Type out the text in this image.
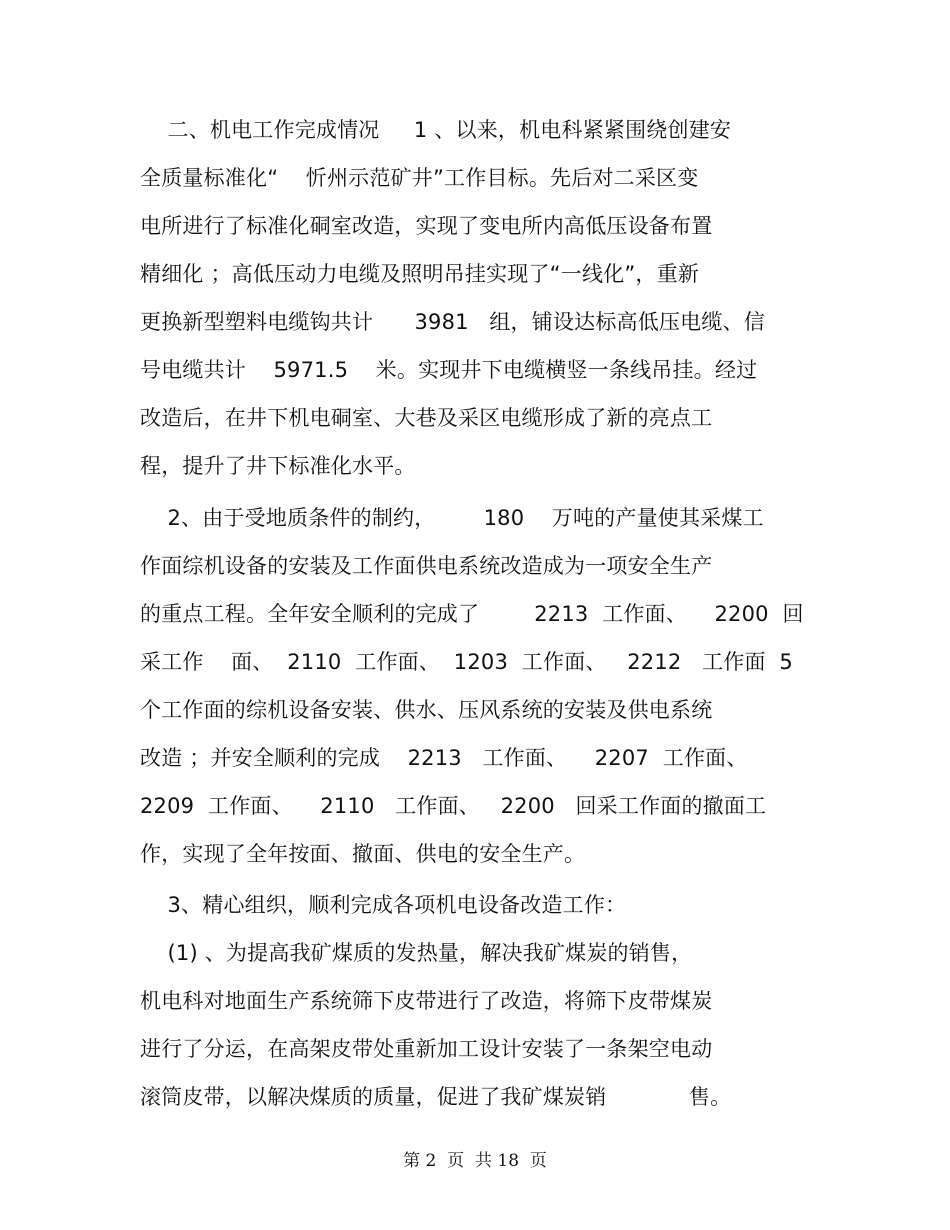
二、机电工作完成情况     1 、以来，机电科紧紧围绕创建安
全质量标准化“    忻州示范矿井”工作目标。先后对二采区变
电所进行了标准化硐室改造，实现了变电所内高低压设备布置
精细化 ；高低压动力电缆及照明吊挂实现了“一线化”，重新
更换新型塑料电缆钩共计      3981   组，铺设达标高低压电缆、信
号电缆共计    5971.5    米。实现井下电缆横竖一条线吊挂。经过
改造后，在井下机电硐室、大巷及采区电缆形成了新的亮点工
程，提升了井下标准化水平。
2、由于受地质条件的制约，       180    万吨的产量使其采煤工
作面综机设备的安装及工作面供电系统改造成为一项安全生产
的重点工程。全年安全顺利的完成了        2213  工作面、    2200  回
采工作    面、  2110  工作面、  1203  工作面、   2212   工作面  5
个工作面的综机设备安装、供水、压风系统的安装及供电系统
改造 ；并安全顺利的完成    2213   工作面、    2207  工作面、
2209  工作面、    2110   工作面、   2200   回采工作面的撤面工
作，实现了全年按面、撤面、供电的安全生产。
3、精心组织，顺利完成各项机电设备改造工作：
(1) 、为提高我矿煤质的发热量，解决我矿煤炭的销售，
机电科对地面生产系统筛下皮带进行了改造，将筛下皮带煤炭
进行了分运，在高架皮带处重新加工设计安装了一条架空电动
滚筒皮带，以解决煤质的质量，促进了我矿煤炭销            售。
第 2  页  共 18  页
